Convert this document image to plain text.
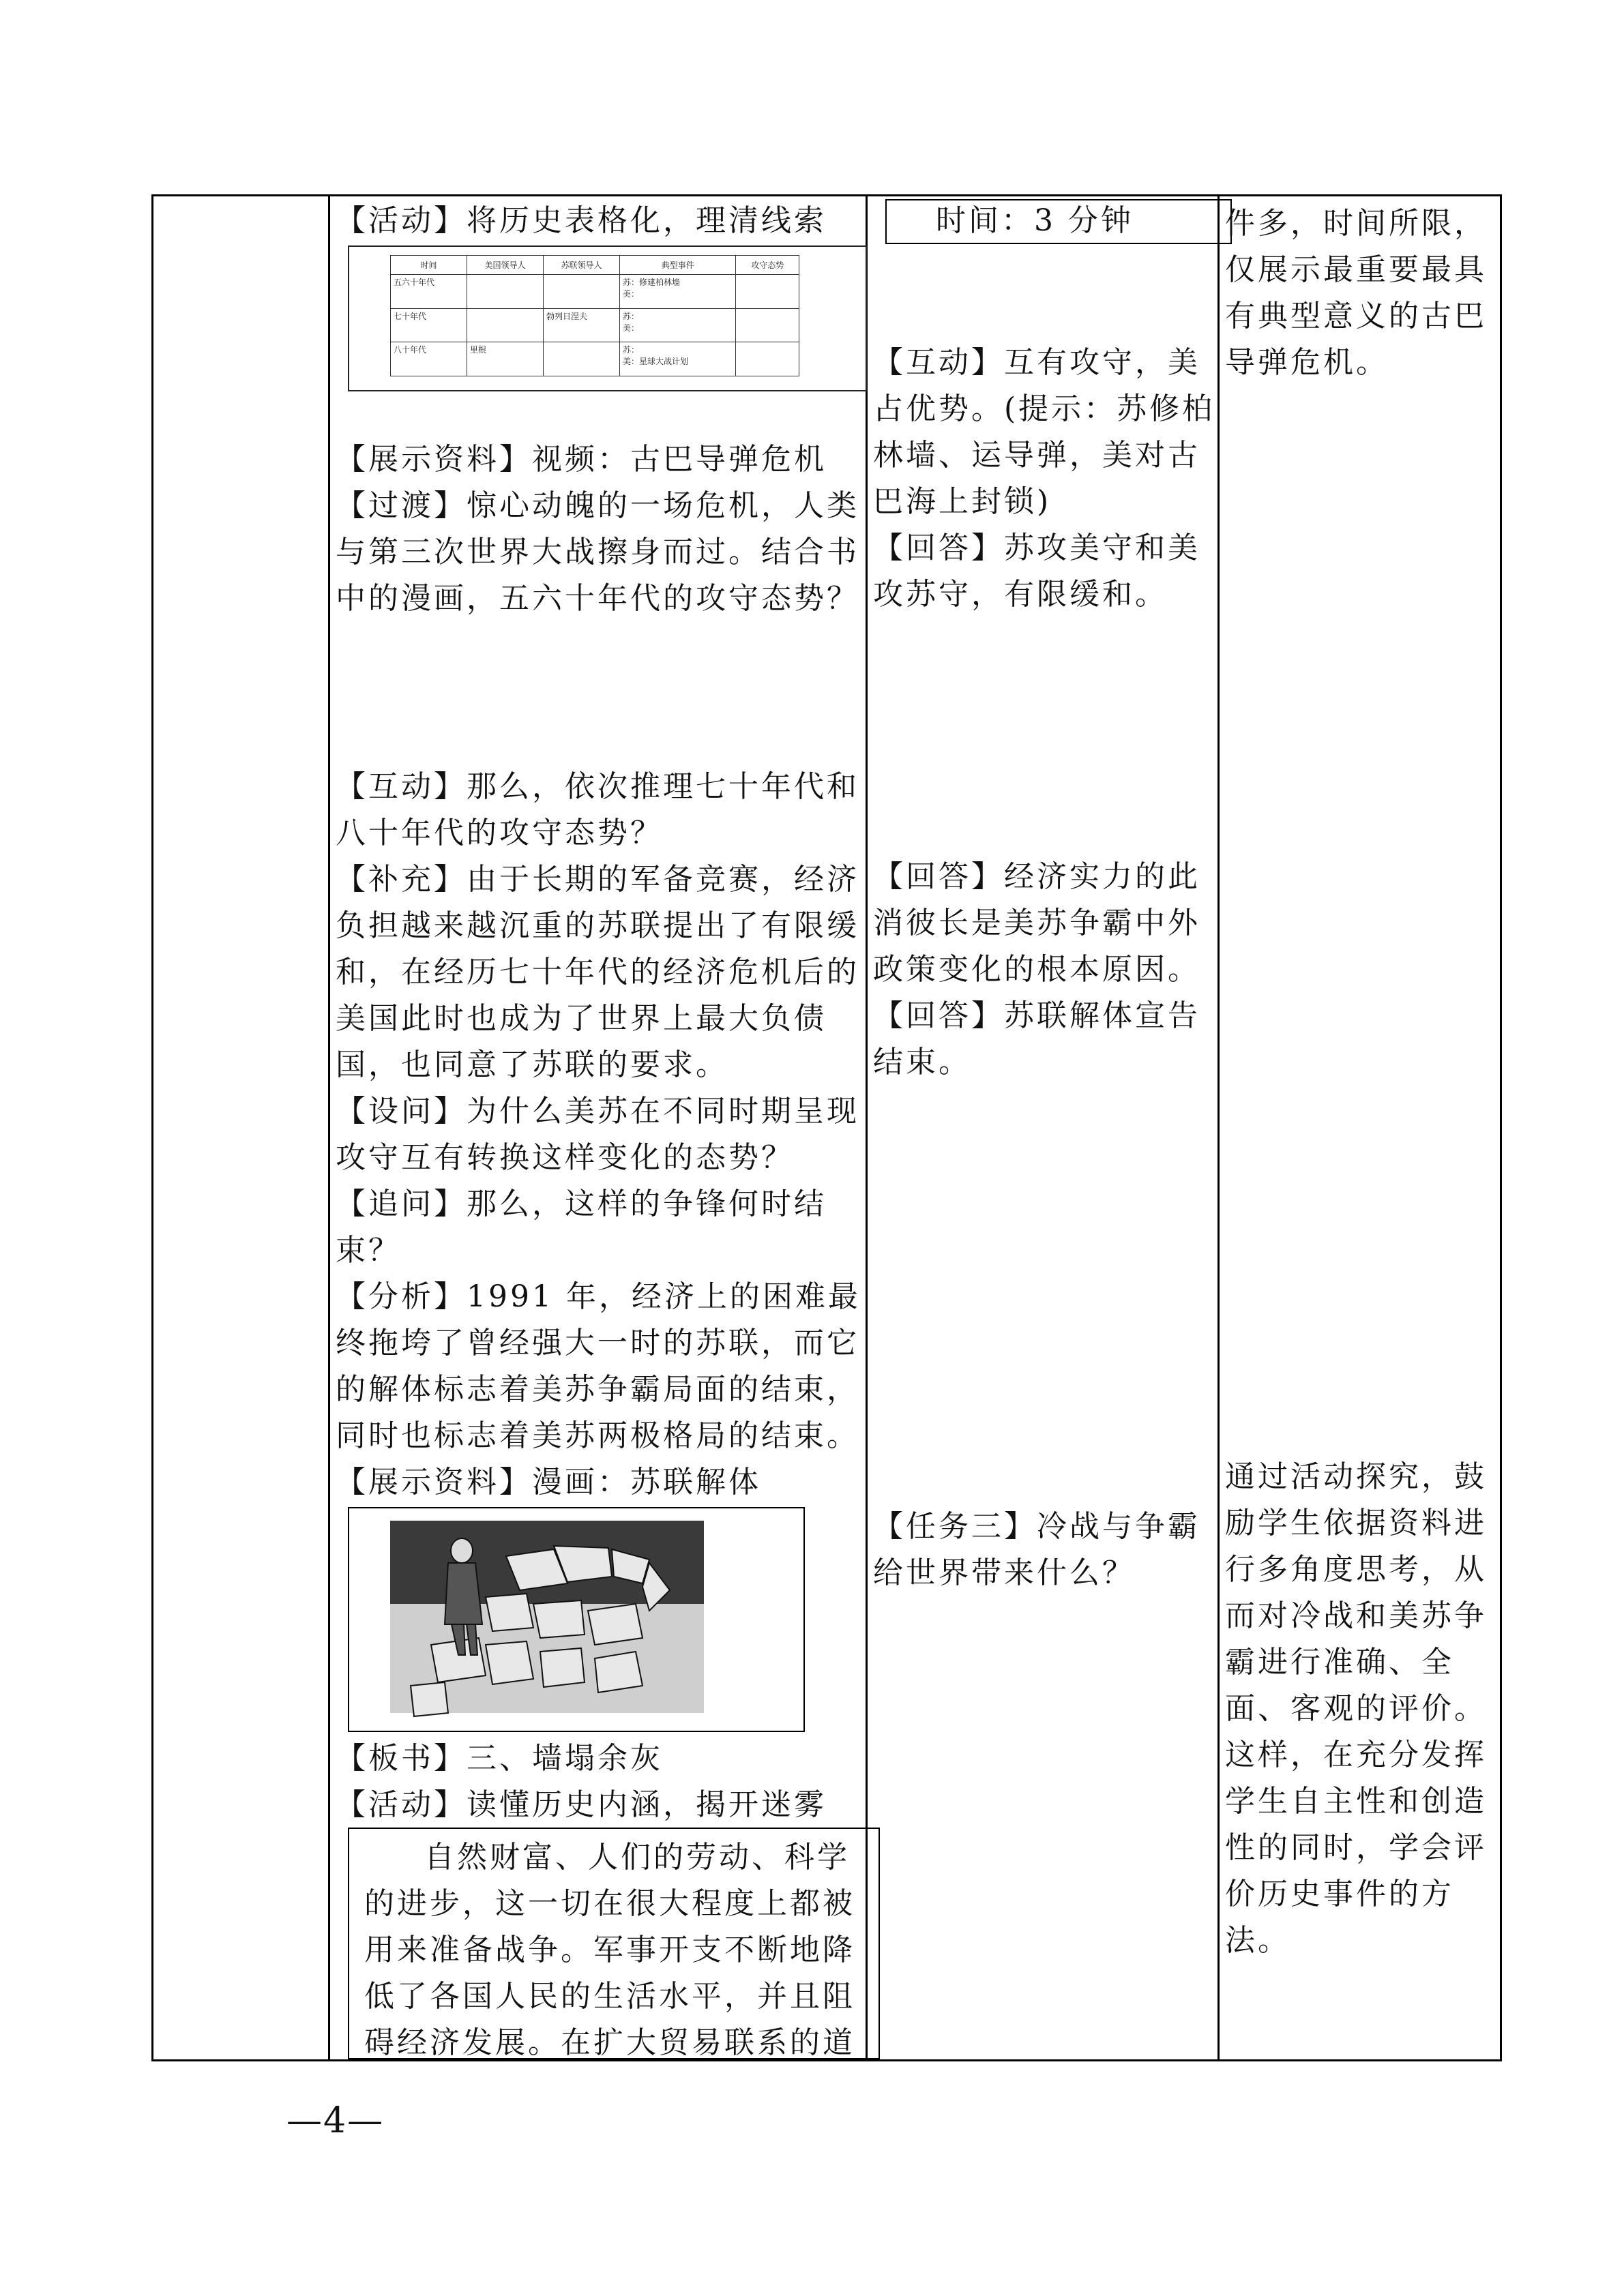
【活动】将历史表格化，理清线索

时间	美国领导人	苏联领导人	典型事件	攻守态势
五六十年代			苏：修建柏林墙
美：	
七十年代		勃列日涅夫	苏：
美：	
八十年代	里根		苏：
美：星球大战计划	

【展示资料】视频：古巴导弹危机

【过渡】惊心动魄的一场危机，人类与第三次世界大战擦身而过。结合书中的漫画，五六十年代的攻守态势？

【互动】那么，依次推理七十年代和八十年代的攻守态势？

【补充】由于长期的军备竞赛，经济负担越来越沉重的苏联提出了有限缓和，在经历七十年代的经济危机后的美国此时也成为了世界上最大负债国，也同意了苏联的要求。

【设问】为什么美苏在不同时期呈现攻守互有转换这样变化的态势？

【追问】那么，这样的争锋何时结束？

【分析】1991 年，经济上的困难最终拖垮了曾经强大一时的苏联，而它的解体标志着美苏争霸局面的结束，同时也标志着美苏两极格局的结束。

【展示资料】漫画：苏联解体

【板书】三、墙塌余灰

【活动】读懂历史内涵，揭开迷雾

自然财富、人们的劳动、科学的进步，这一切在很大程度上都被用来准备战争。军事开支不断地降低了各国人民的生活水平，并且阻碍经济发展。在扩大贸易联系的道
时间：3 分钟

【互动】互有攻守，美占优势。(提示：苏修柏林墙、运导弹，美对古巴海上封锁)

【回答】苏攻美守和美攻苏守，有限缓和。

【回答】经济实力的此消彼长是美苏争霸中外政策变化的根本原因。

【回答】苏联解体宣告结束。

【任务三】冷战与争霸给世界带来什么？

件多，时间所限，仅展示最重要最具有典型意义的古巴导弹危机。

通过活动探究，鼓励学生依据资料进行多角度思考，从而对冷战和美苏争霸进行准确、全面、客观的评价。这样，在充分发挥学生自主性和创造性的同时，学会评价历史事件的方法。

—4—
